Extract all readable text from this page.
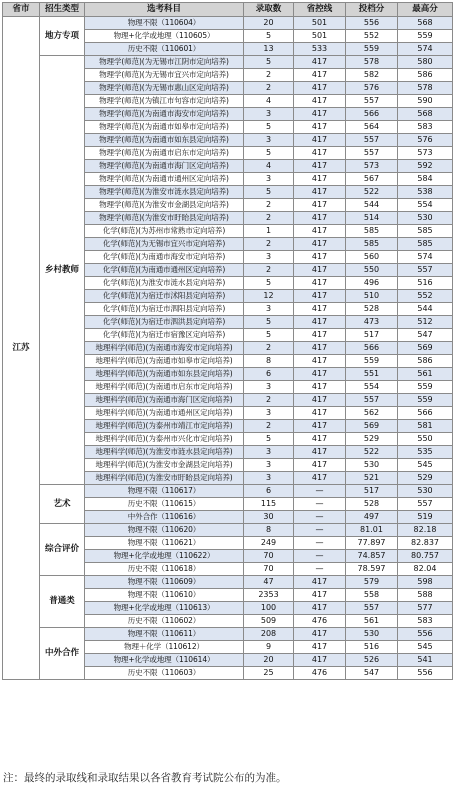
省市	招生类型	选考科目	录取数	省控线	投档分	最高分
江苏	地方专项	物理不限（110604）	20	501	556	568
		物理+化学或地理（110605）	5	501	552	559
		历史不限（110601）	13	533	559	574
	乡村教师	物理学(师范)(为无锡市江阴市定向培养)	5	417	578	580
		物理学(师范)(为无锡市宜兴市定向培养)	2	417	582	586
		物理学(师范)(为无锡市惠山区定向培养)	2	417	576	578
		物理学(师范)(为镇江市句容市定向培养)	4	417	557	590
		物理学(师范)(为南通市海安市定向培养)	3	417	566	568
		物理学(师范)(为南通市如皋市定向培养)	5	417	564	583
		物理学(师范)(为南通市如东县定向培养)	3	417	557	576
		物理学(师范)(为南通市启东市定向培养)	5	417	557	573
		物理学(师范)(为南通市海门区定向培养)	4	417	573	592
		物理学(师范)(为南通市通州区定向培养)	3	417	567	584
		物理学(师范)(为淮安市涟水县定向培养)	5	417	522	538
		物理学(师范)(为淮安市金湖县定向培养)	2	417	544	554
		物理学(师范)(为淮安市盱眙县定向培养)	2	417	514	530
		化学(师范)(为苏州市常熟市定向培养)	1	417	585	585
		化学(师范)(为无锡市宜兴市定向培养)	2	417	585	585
		化学(师范)(为南通市海安市定向培养)	3	417	560	574
		化学(师范)(为南通市通州区定向培养)	2	417	550	557
		化学(师范)(为淮安市涟水县定向培养)	5	417	496	516
		化学(师范)(为宿迁市沭阳县定向培养)	12	417	510	552
		化学(师范)(为宿迁市泗阳县定向培养)	3	417	528	544
		化学(师范)(为宿迁市泗洪县定向培养)	5	417	473	512
		化学(师范)(为宿迁市宿豫区定向培养)	5	417	517	547
		地理科学(师范)(为南通市海安市定向培养)	2	417	566	569
		地理科学(师范)(为南通市如皋市定向培养)	8	417	559	586
		地理科学(师范)(为南通市如东县定向培养)	6	417	551	561
		地理科学(师范)(为南通市启东市定向培养)	3	417	554	559
		地理科学(师范)(为南通市海门区定向培养)	2	417	557	559
		地理科学(师范)(为南通市通州区定向培养)	3	417	562	566
		地理科学(师范)(为泰州市靖江市定向培养)	2	417	569	581
		地理科学(师范)(为泰州市兴化市定向培养)	5	417	529	550
		地理科学(师范)(为淮安市涟水县定向培养)	3	417	522	535
		地理科学(师范)(为淮安市金湖县定向培养)	3	417	530	545
		地理科学(师范)(为淮安市盱眙县定向培养)	3	417	521	529
	艺术	物理不限（110617）	6	—	517	530
		历史不限（110615）	115	—	528	557
		中外合作（110616）	30	—	497	519
	综合评价	物理不限（110620）	8	—	81.01	82.18
		物理不限（110621）	249	—	77.897	82.837
		物理+化学或地理（110622）	70	—	74.857	80.757
		历史不限（110618）	70	—	78.597	82.04
	普通类	物理不限（110609）	47	417	579	598
		物理不限（110610）	2353	417	558	588
		物理+化学或地理（110613）	100	417	557	577
		历史不限（110602）	509	476	561	583
	中外合作	物理不限（110611）	208	417	530	556
		物理＋化学（110612）	9	417	516	545
		物理+化学或地理（110614）	20	417	526	541
		历史不限（110603）	25	476	547	556
注：最终的录取线和录取结果以各省教育考试院公布的为准。
